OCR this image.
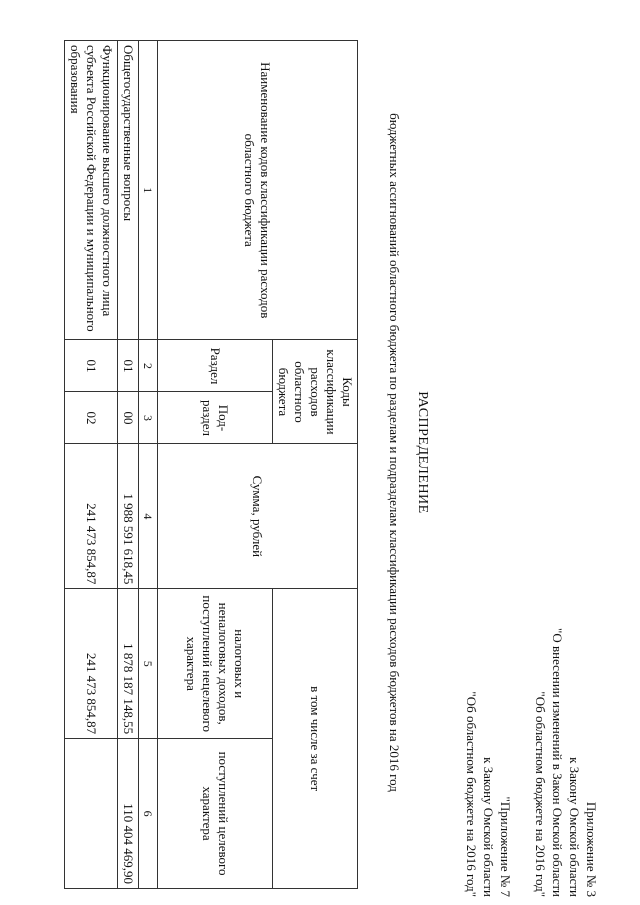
Приложение № 3
к Закону Омской области
"О внесении изменений в Закон Омской области
"Об областном бюджете на 2016 год"
"Приложение № 7
к Закону Омской области
"Об областном бюджете на 2016 год"
РАСПРЕДЕЛЕНИЕ
бюджетных ассигнований областного бюджета по разделам и подразделам классификации расходов бюджетов на 2016 год
Наименование кодов классификации расходов областного бюджета	Коды классификации расходов областного бюджета		Сумма, рублей	в том числе за счет	
	Раздел	Под-раздел		налоговых и неналоговых доходов, поступлений нецелевого характера	поступлений целевого характера

1	2	3	4	5	6
Общегосударственные вопросы	01	00	1 988 591 618,45	1 878 187 148,55	110 404 469,90
Функционирование высшего должностного лица субъекта Российской Федерации и муниципального образования	01	02	241 473 854,87	241 473 854,87	
